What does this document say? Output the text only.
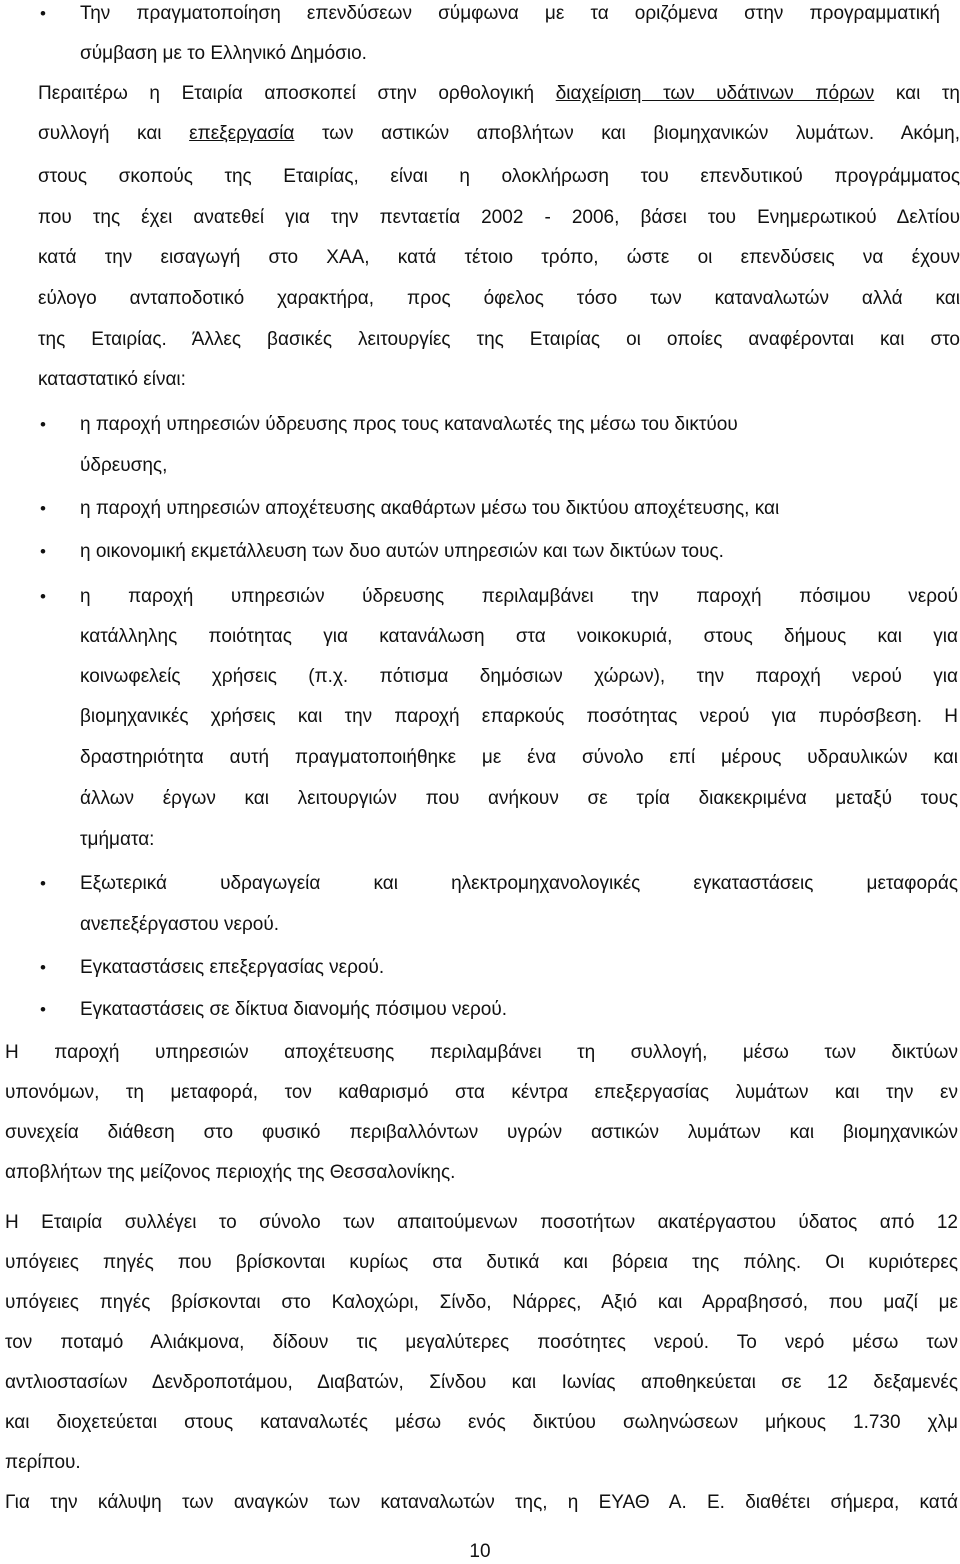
• Την πραγματοποίηση επενδύσεων σύμφωνα με τα οριζόμενα στην προγραμματική
σύμβαση με το Ελληνικό Δημόσιο.
Περαιτέρω η Εταιρία αποσκοπεί στην ορθολογική διαχείριση των υδάτινων πόρων και τη
συλλογή και επεξεργασία των αστικών αποβλήτων και βιομηχανικών λυμάτων. Ακόμη,
στους σκοπούς της Εταιρίας, είναι η ολοκλήρωση του επενδυτικού προγράμματος
που της έχει ανατεθεί για την πενταετία 2002 - 2006, βάσει του Ενημερωτικού Δελτίου
κατά την εισαγωγή στο ΧΑΑ, κατά τέτοιο τρόπο, ώστε οι επενδύσεις να έχουν
εύλογο ανταποδοτικό χαρακτήρα, προς όφελος τόσο των καταναλωτών αλλά και
της Εταιρίας. Άλλες βασικές λειτουργίες της Εταιρίας οι οποίες αναφέρονται και στο
καταστατικό είναι:
• η παροχή υπηρεσιών ύδρευσης προς τους καταναλωτές της μέσω του δικτύου
ύδρευσης,
• η παροχή υπηρεσιών αποχέτευσης ακαθάρτων μέσω του δικτύου αποχέτευσης, και
• η οικονομική εκμετάλλευση των δυο αυτών υπηρεσιών και των δικτύων τους.
• η παροχή υπηρεσιών ύδρευσης περιλαμβάνει την παροχή πόσιμου νερού
κατάλληλης ποιότητας για κατανάλωση στα νοικοκυριά, στους δήμους και για
κοινωφελείς χρήσεις (π.χ. πότισμα δημόσιων χώρων), την παροχή νερού για
βιομηχανικές χρήσεις και την παροχή επαρκούς ποσότητας νερού για πυρόσβεση. Η
δραστηριότητα αυτή πραγματοποιήθηκε με ένα σύνολο επί μέρους υδραυλικών και
άλλων έργων και λειτουργιών που ανήκουν σε τρία διακεκριμένα μεταξύ τους
τμήματα:
• Εξωτερικά υδραγωγεία και ηλεκτρομηχανολογικές εγκαταστάσεις μεταφοράς
ανεπεξέργαστου νερού.
• Εγκαταστάσεις επεξεργασίας νερού.
• Εγκαταστάσεις σε δίκτυα διανομής πόσιμου νερού.
Η παροχή υπηρεσιών αποχέτευσης περιλαμβάνει τη συλλογή, μέσω των δικτύων
υπονόμων, τη μεταφορά, τον καθαρισμό στα κέντρα επεξεργασίας λυμάτων και την εν
συνεχεία διάθεση στο φυσικό περιβαλλόντων υγρών αστικών λυμάτων και βιομηχανικών
αποβλήτων της μείζονος περιοχής της Θεσσαλονίκης.
Η Εταιρία συλλέγει το σύνολο των απαιτούμενων ποσοτήτων ακατέργαστου ύδατος από 12
υπόγειες πηγές που βρίσκονται κυρίως στα δυτικά και βόρεια της πόλης. Οι κυριότερες
υπόγειες πηγές βρίσκονται στο Καλοχώρι, Σίνδο, Νάρρες, Αξιό και Αρραβησσό, που μαζί με
τον ποταμό Αλιάκμονα, δίδουν τις μεγαλύτερες ποσότητες νερού. Το νερό μέσω των
αντλιοστασίων Δενδροποτάμου, Διαβατών, Σίνδου και Ιωνίας αποθηκεύεται σε 12 δεξαμενές
και διοχετεύεται στους καταναλωτές μέσω ενός δικτύου σωληνώσεων μήκους 1.730 χλμ
περίπου.
Για την κάλυψη των αναγκών των καταναλωτών της, η ΕΥΑΘ Α. Ε. διαθέτει σήμερα, κατά
10
